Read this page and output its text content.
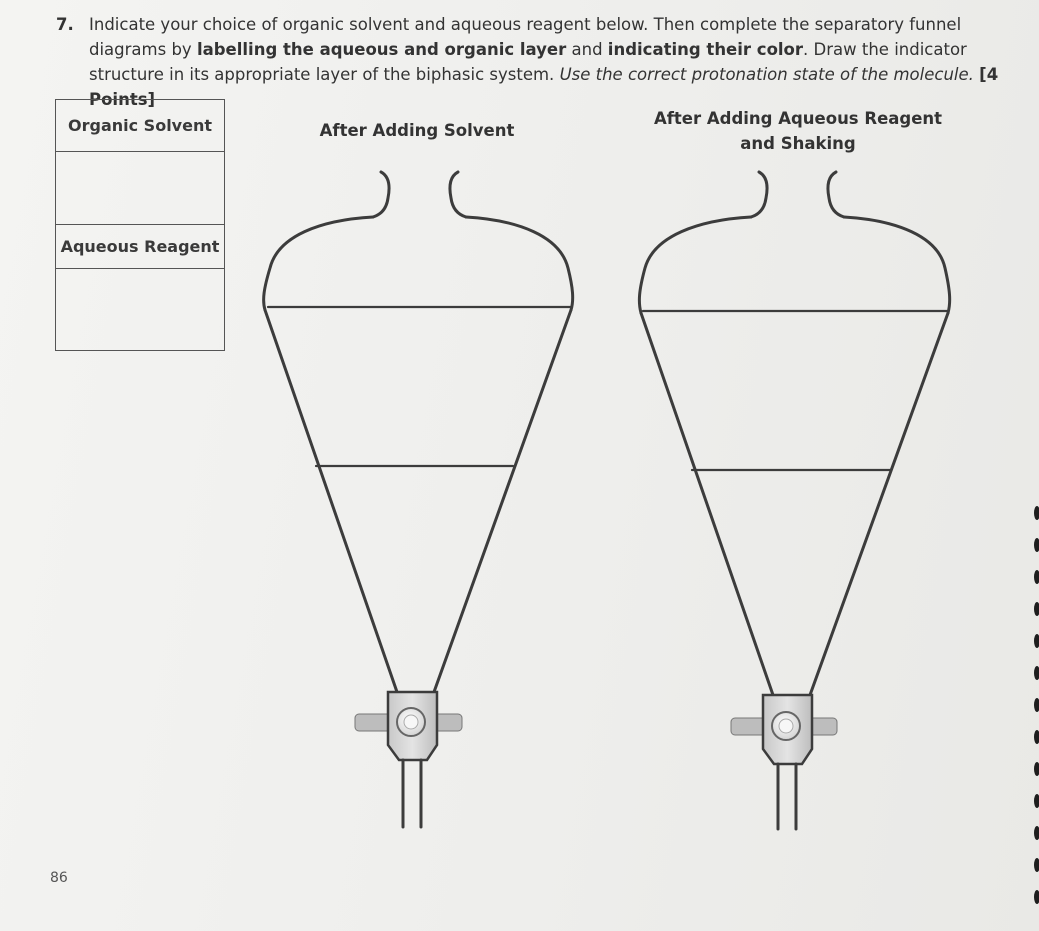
7. Indicate your choice of organic solvent and aqueous reagent below. Then complete the separatory funnel diagrams by labelling the aqueous and organic layer and indicating their color. Draw the indicator structure in its appropriate layer of the biphasic system. Use the correct protonation state of the molecule. [4 Points]
Organic Solvent
Aqueous Reagent
After Adding Solvent
After Adding Aqueous Reagent
and Shaking
86
